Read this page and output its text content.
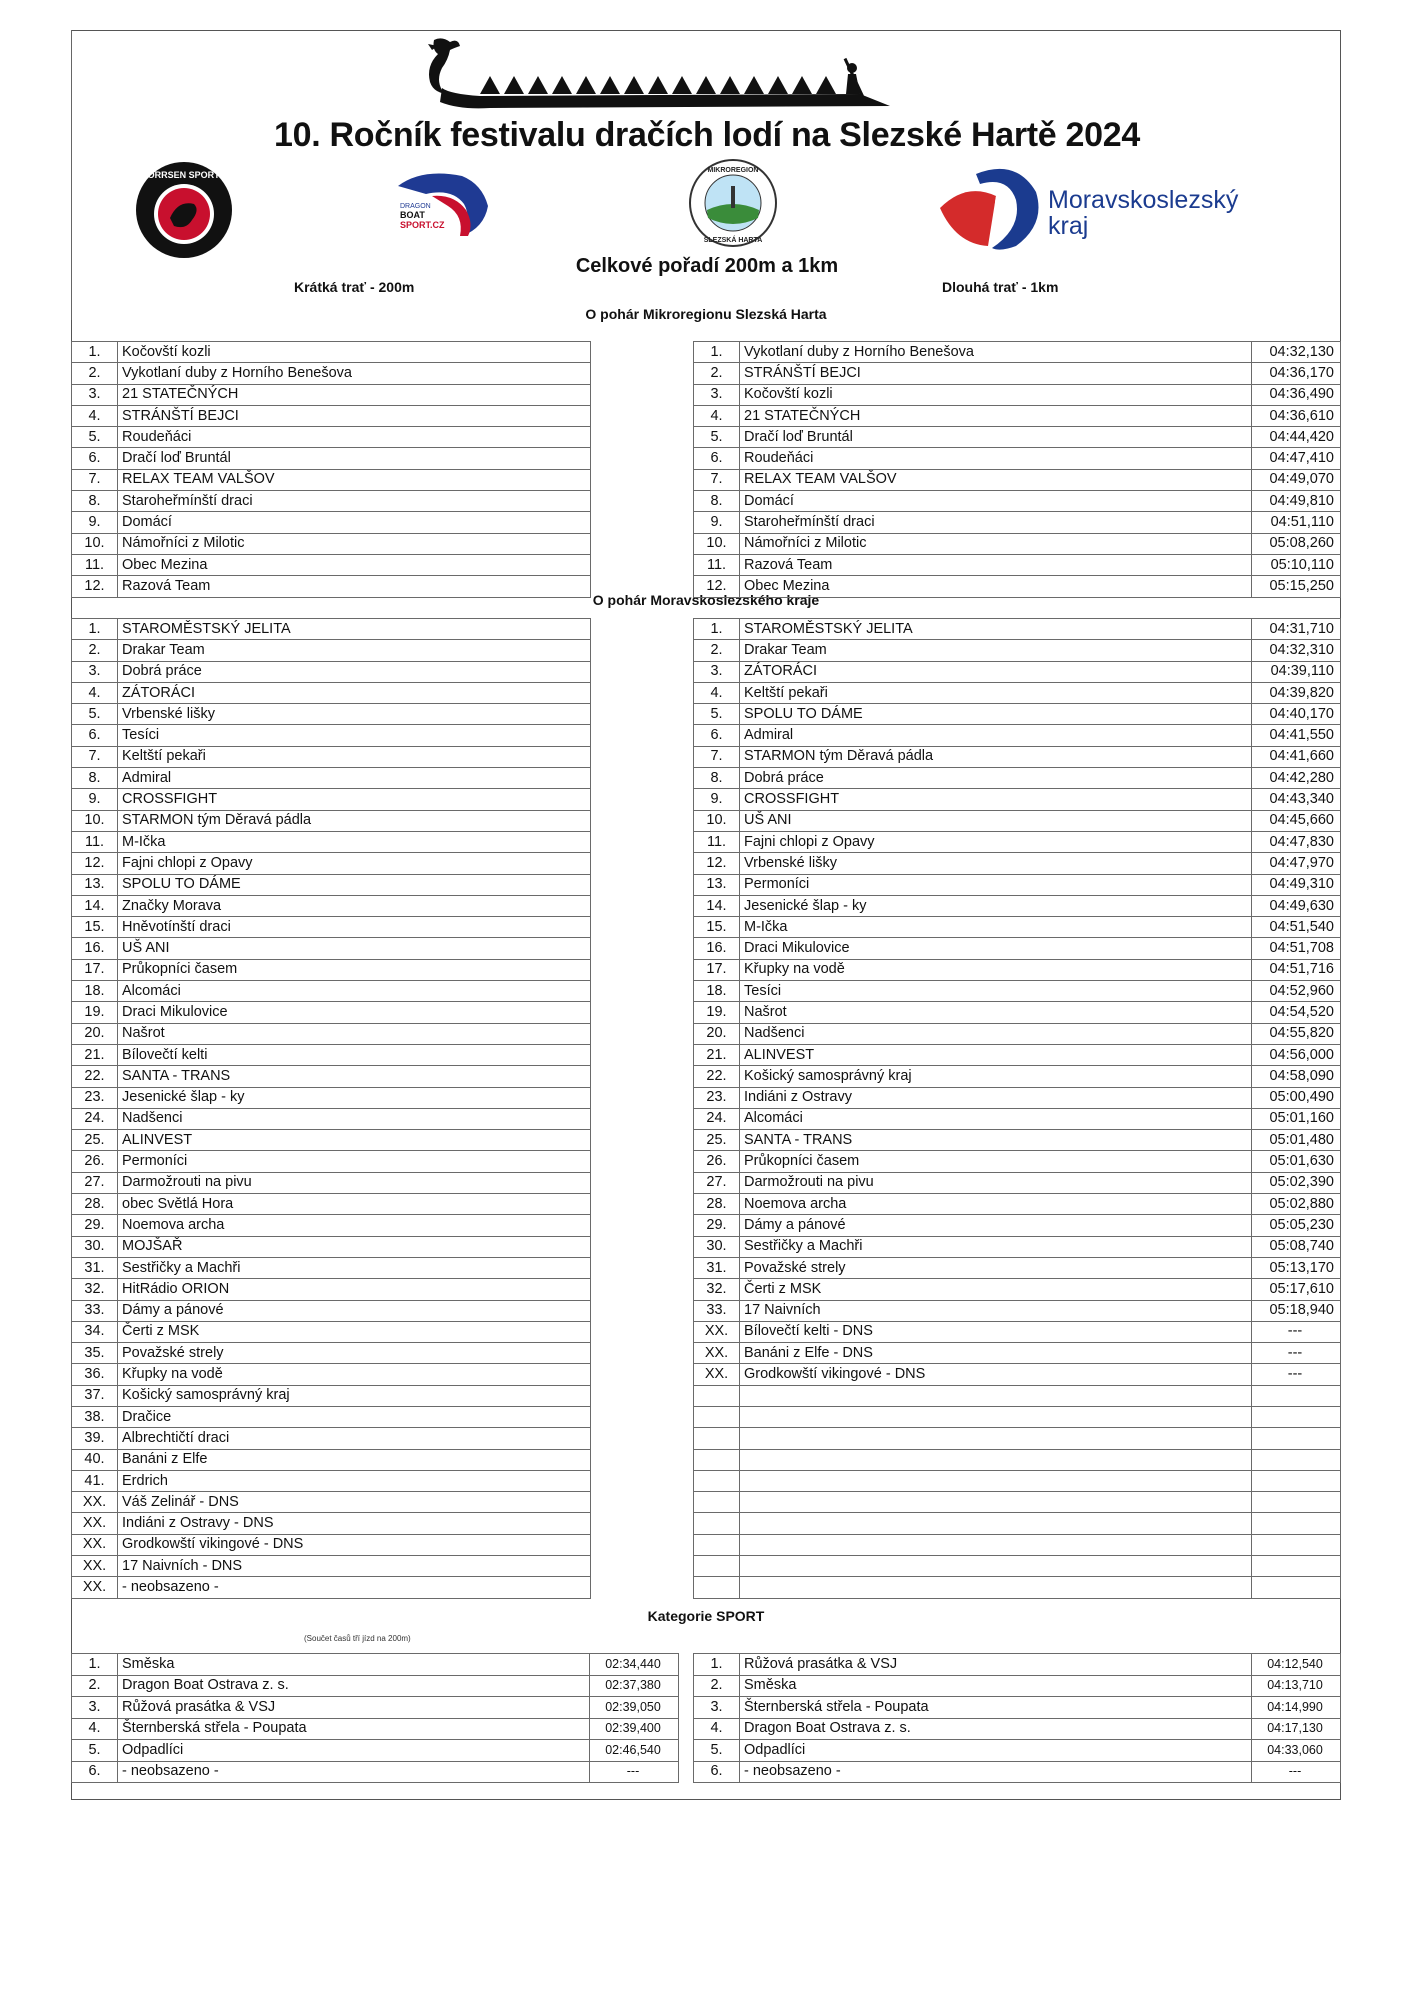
10. Ročník festivalu dračích lodí na Slezské Hartě 2024
TORRSEN SPORTS
DRAGON
BOAT
SPORT.CZ
MIKROREGION
SLEZSKÁ HARTA
Moravskoslezský
kraj
Celkové pořadí 200m a 1km
Krátká trať - 200m	Dlouhá trať - 1km
O pohár Mikroregionu Slezská Harta
O pohár Moravskoslezského kraje
Kategorie SPORT
(Součet časů tří jízd na 200m)
1.	Kočovští kozli
2.	Vykotlaní duby z Horního Benešova
3.	21 STATEČNÝCH
4.	STRÁNŠTÍ BEJCI
5.	Roudeňáci
6.	Dračí loď Bruntál
7.	RELAX TEAM VALŠOV
8.	Staroheřmínští draci
9.	Domácí
10.	Námořníci z Milotic
11.	Obec Mezina
12.	Razová Team
1.	Vykotlaní duby z Horního Benešova	04:32,130
2.	STRÁNŠTÍ BEJCI	04:36,170
3.	Kočovští kozli	04:36,490
4.	21 STATEČNÝCH	04:36,610
5.	Dračí loď Bruntál	04:44,420
6.	Roudeňáci	04:47,410
7.	RELAX TEAM VALŠOV	04:49,070
8.	Domácí	04:49,810
9.	Staroheřmínští draci	04:51,110
10.	Námořníci z Milotic	05:08,260
11.	Razová Team	05:10,110
12.	Obec Mezina	05:15,250
1.	STAROMĚSTSKÝ JELITA
2.	Drakar Team
3.	Dobrá práce
4.	ZÁTORÁCI
5.	Vrbenské lišky
6.	Tesíci
7.	Keltští pekaři
8.	Admiral
9.	CROSSFIGHT
10.	STARMON tým Děravá pádla
11.	M-Ička
12.	Fajni chlopi z Opavy
13.	SPOLU TO DÁME
14.	Značky Morava
15.	Hněvotínští draci
16.	UŠ ANI
17.	Průkopníci časem
18.	Alcomáci
19.	Draci Mikulovice
20.	Našrot
21.	Bílovečtí kelti
22.	SANTA - TRANS
23.	Jesenické šlap - ky
24.	Nadšenci
25.	ALINVEST
26.	Permoníci
27.	Darmožrouti na pivu
28.	obec Světlá Hora
29.	Noemova archa
30.	MOJŠAŘ
31.	Sestřičky a Machři
32.	HitRádio ORION
33.	Dámy a pánové
34.	Čerti z MSK
35.	Považské strely
36.	Křupky na vodě
37.	Košický samosprávný kraj
38.	Dračice
39.	Albrechtičtí draci
40.	Banáni z Elfe
41.	Erdrich
XX.	Váš Zelinář - DNS
XX.	Indiáni z Ostravy - DNS
XX.	Grodkowští vikingové - DNS
XX.	17 Naivních - DNS
XX.	- neobsazeno -
1.	STAROMĚSTSKÝ JELITA	04:31,710
2.	Drakar Team	04:32,310
3.	ZÁTORÁCI	04:39,110
4.	Keltští pekaři	04:39,820
5.	SPOLU TO DÁME	04:40,170
6.	Admiral	04:41,550
7.	STARMON tým Děravá pádla	04:41,660
8.	Dobrá práce	04:42,280
9.	CROSSFIGHT	04:43,340
10.	UŠ ANI	04:45,660
11.	Fajni chlopi z Opavy	04:47,830
12.	Vrbenské lišky	04:47,970
13.	Permoníci	04:49,310
14.	Jesenické šlap - ky	04:49,630
15.	M-Ička	04:51,540
16.	Draci Mikulovice	04:51,708
17.	Křupky na vodě	04:51,716
18.	Tesíci	04:52,960
19.	Našrot	04:54,520
20.	Nadšenci	04:55,820
21.	ALINVEST	04:56,000
22.	Košický samosprávný kraj	04:58,090
23.	Indiáni z Ostravy	05:00,490
24.	Alcomáci	05:01,160
25.	SANTA - TRANS	05:01,480
26.	Průkopníci časem	05:01,630
27.	Darmožrouti na pivu	05:02,390
28.	Noemova archa	05:02,880
29.	Dámy a pánové	05:05,230
30.	Sestřičky a Machři	05:08,740
31.	Považské strely	05:13,170
32.	Čerti z MSK	05:17,610
33.	17 Naivních	05:18,940
XX.	Bílovečtí kelti - DNS	---
XX.	Banáni z Elfe - DNS	---
XX.	Grodkowští vikingové - DNS	---

1.	Směska	02:34,440
2.	Dragon Boat Ostrava z. s.	02:37,380
3.	Růžová prasátka & VSJ	02:39,050
4.	Šternberská střela - Poupata	02:39,400
5.	Odpadlíci	02:46,540
6.	- neobsazeno -	---
1.	Růžová prasátka & VSJ	04:12,540
2.	Směska	04:13,710
3.	Šternberská střela - Poupata	04:14,990
4.	Dragon Boat Ostrava z. s.	04:17,130
5.	Odpadlíci	04:33,060
6.	- neobsazeno -	---
